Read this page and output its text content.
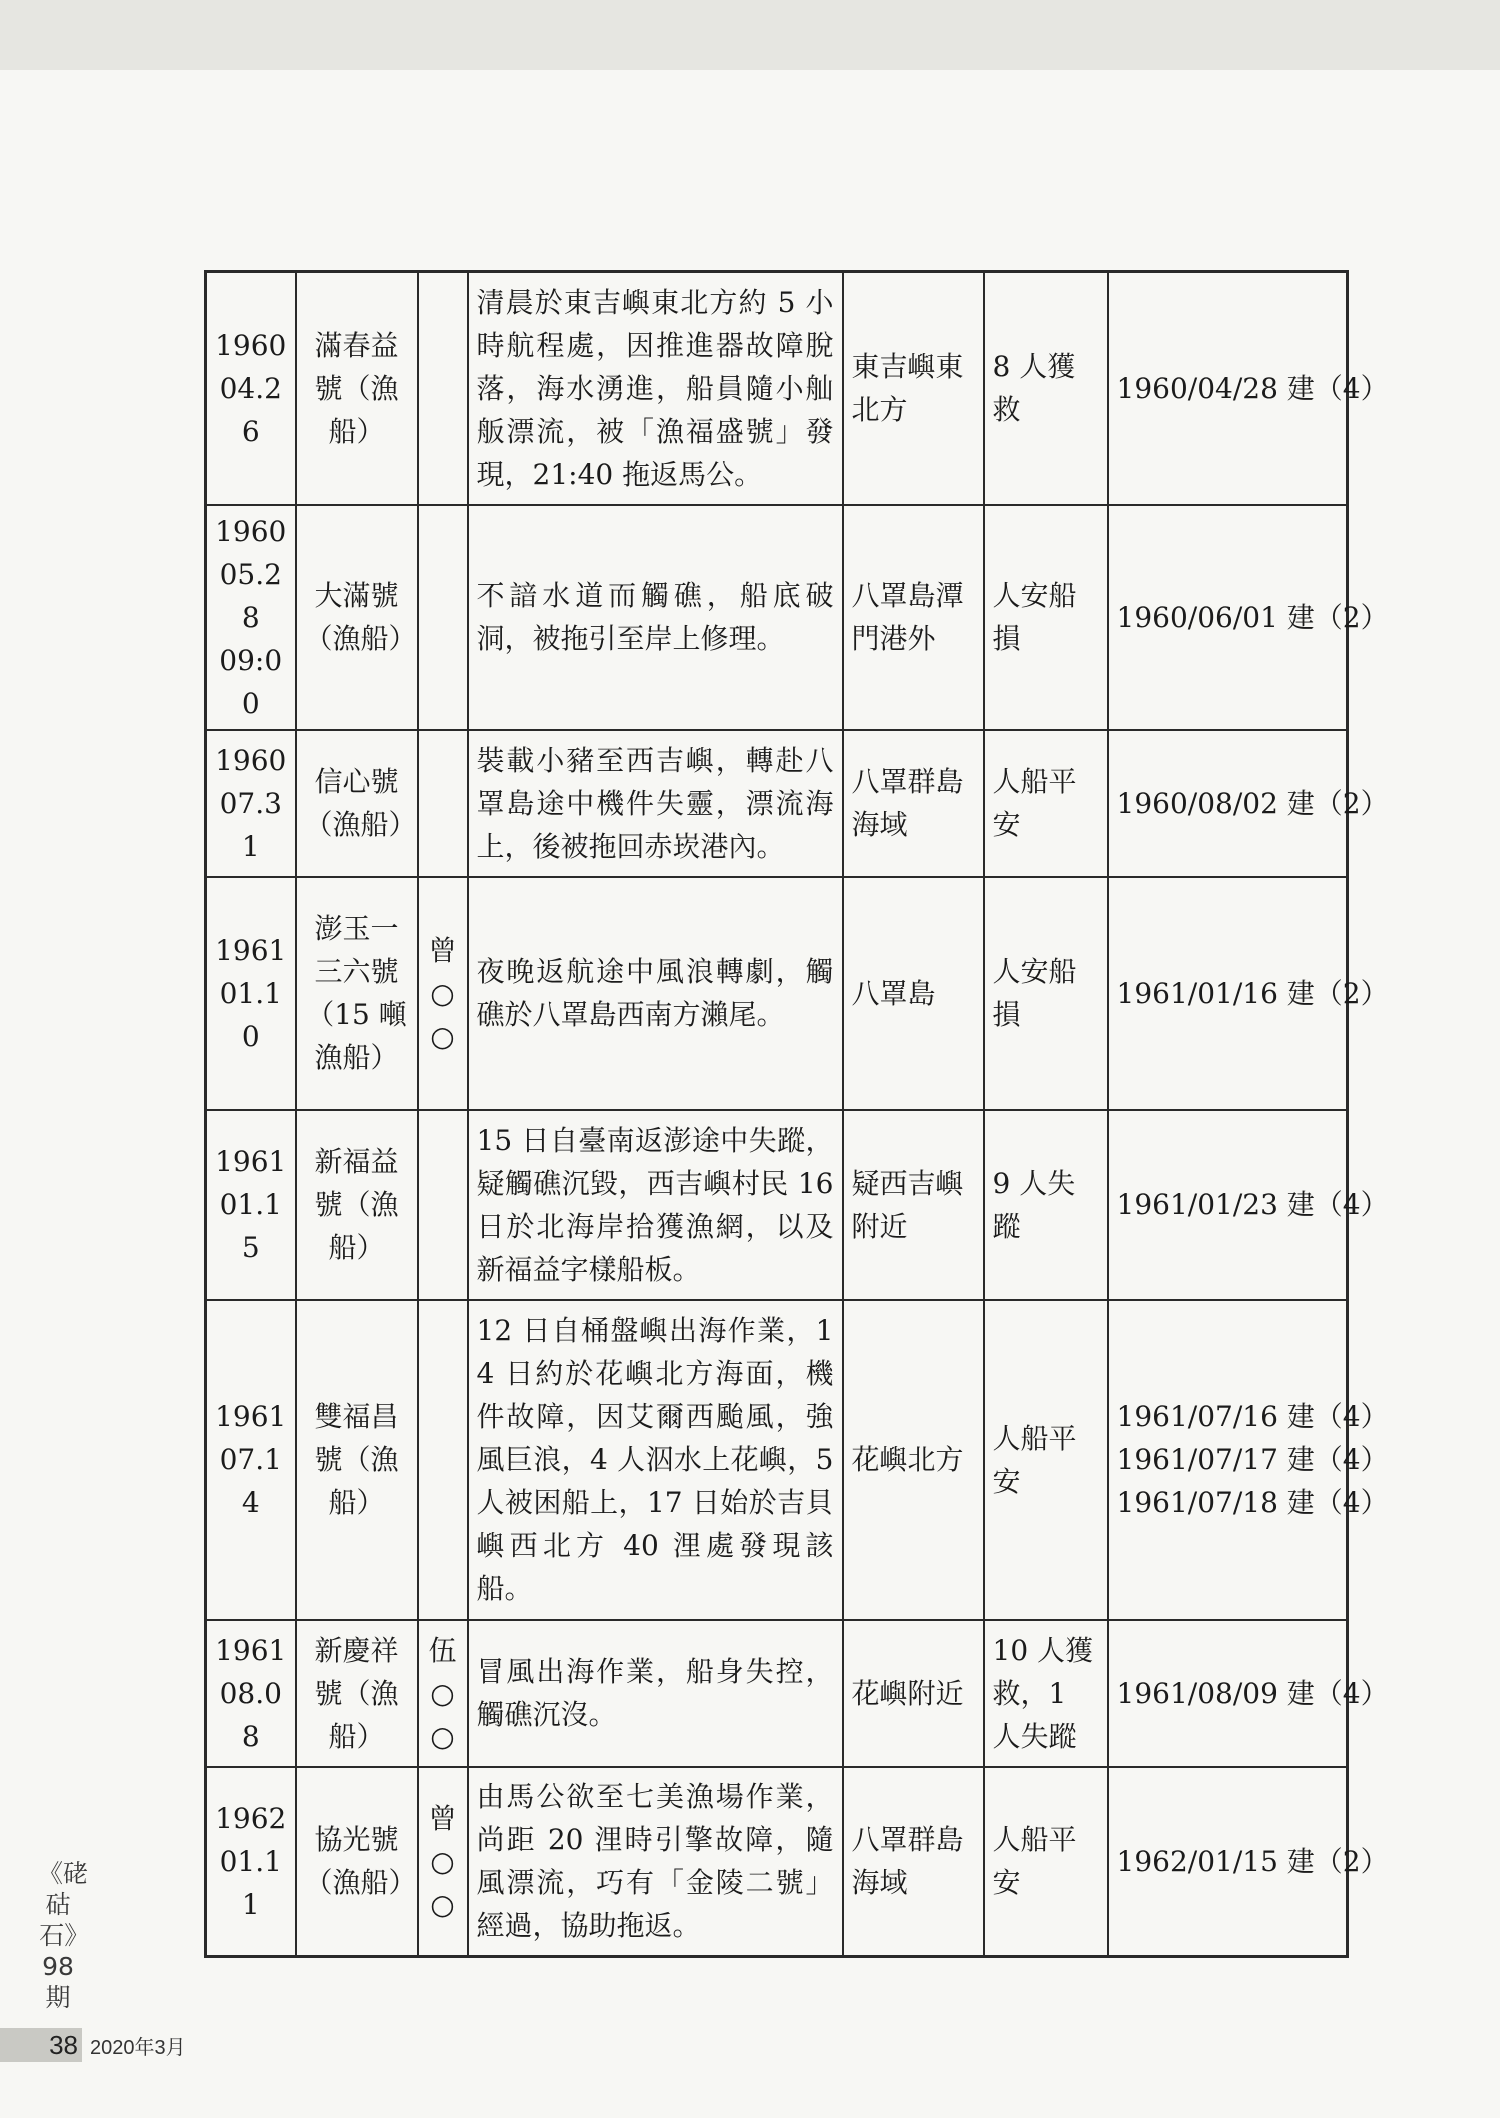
1960
04.26	滿春益號（漁船）		清晨於東吉嶼東北方約 5 小時航程處，因推進器故障脫落，海水湧進，船員隨小舢舨漂流，被「漁福盛號」發現，21:40 拖返馬公。	東吉嶼東北方	8 人獲救	1960/04/28 建（4）

1960
05.28
09:00	大滿號（漁船）		不諳水道而觸礁，船底破洞，被拖引至岸上修理。	八罩島潭門港外	人安船損	1960/06/01 建（2）

1960
07.31	信心號（漁船）		裝載小豬至西吉嶼，轉赴八罩島途中機件失靈，漂流海上，後被拖回赤崁港內。	八罩群島海域	人船平安	1960/08/02 建（2）

1961
01.10	澎玉一三六號（15 噸漁船）	曾○○	夜晚返航途中風浪轉劇，觸礁於八罩島西南方瀨尾。	八罩島	人安船損	1961/01/16 建（2）

1961
01.15	新福益號（漁船）		15 日自臺南返澎途中失蹤，疑觸礁沉毀，西吉嶼村民 16 日於北海岸拾獲漁網，以及新福益字樣船板。	疑西吉嶼附近	9 人失蹤	1961/01/23 建（4）

1961
07.14	雙福昌號（漁船）		12 日自桶盤嶼出海作業，14 日約於花嶼北方海面，機件故障，因艾爾西颱風，強風巨浪，4 人泅水上花嶼，5 人被困船上，17 日始於吉貝嶼西北方 40 浬處發現該船。	花嶼北方	人船平安	1961/07/16 建（4）
1961/07/17 建（4）
1961/07/18 建（4）

1961
08.08	新慶祥號（漁船）	伍○○	冒風出海作業，船身失控，觸礁沉沒。	花嶼附近	10 人獲救，1 人失蹤	1961/08/09 建（4）

1962
01.11	協光號（漁船）	曾○○	由馬公欲至七美漁場作業，尚距 20 浬時引擎故障，隨風漂流，巧有「金陵二號」經過，協助拖返。	八罩群島海域	人船平安	1962/01/15 建（2）
《硓𥑮石》98期
38 2020年3月
